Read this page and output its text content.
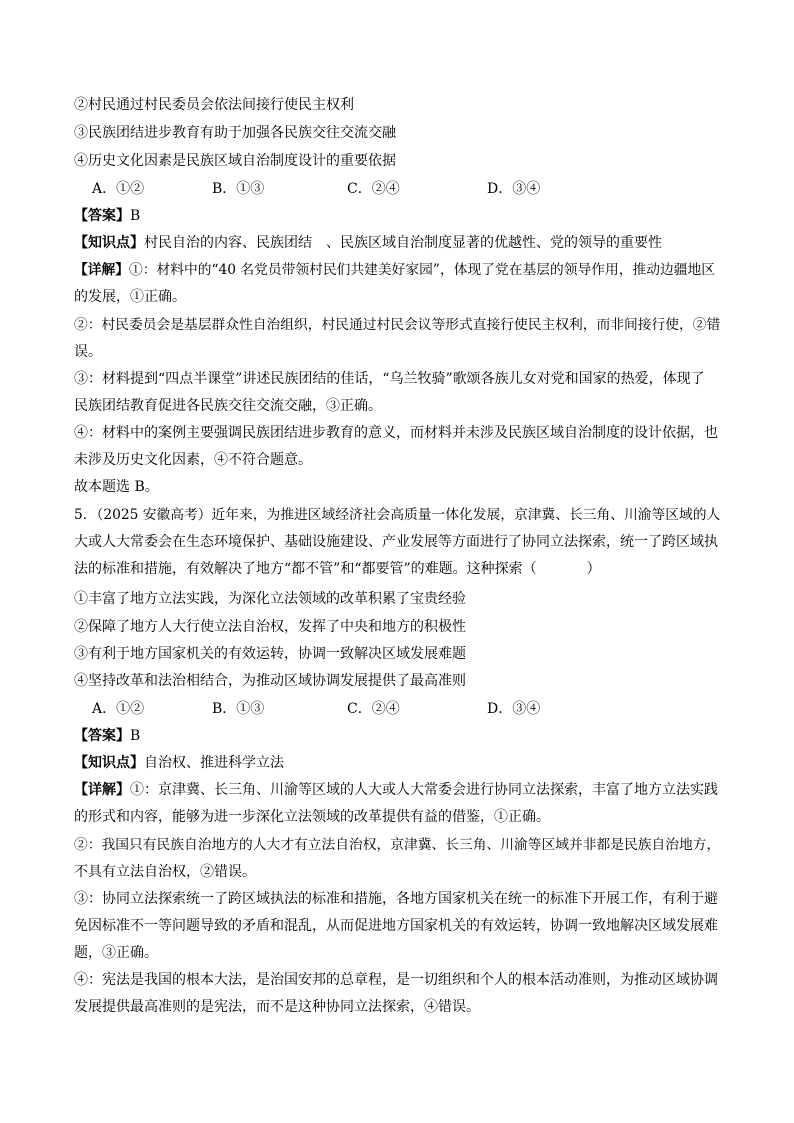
②村民通过村民委员会依法间接行使民主权利
③民族团结进步教育有助于加强各民族交往交流交融
④历史文化因素是民族区域自治制度设计的重要依据
A．①②	B．①③	C．②④	D．③④
【答案】B
【知识点】村民自治的内容、民族团结　、民族区域自治制度显著的优越性、党的领导的重要性
【详解】①：材料中的“40 名党员带领村民们共建美好家园”，体现了党在基层的领导作用，推动边疆地区
的发展，①正确。
②：村民委员会是基层群众性自治组织，村民通过村民会议等形式直接行使民主权利，而非间接行使，②错
误。
③：材料提到“四点半课堂”讲述民族团结的佳话，“乌兰牧骑”歌颂各族儿女对党和国家的热爱，体现了
民族团结教育促进各民族交往交流交融，③正确。
④：材料中的案例主要强调民族团结进步教育的意义，而材料并未涉及民族区域自治制度的设计依据，也
未涉及历史文化因素，④不符合题意。
故本题选 B。
5．（2025 安徽高考）近年来，为推进区域经济社会高质量一体化发展，京津冀、长三角、川渝等区域的人
大或人大常委会在生态环境保护、基础设施建设、产业发展等方面进行了协同立法探索，统一了跨区域执
法的标准和措施，有效解决了地方“都不管”和“都要管”的难题。这种探索（	）
①丰富了地方立法实践，为深化立法领域的改革积累了宝贵经验
②保障了地方人大行使立法自治权，发挥了中央和地方的积极性
③有利于地方国家机关的有效运转，协调一致解决区域发展难题
④坚持改革和法治相结合，为推动区域协调发展提供了最高准则
A．①②	B．①③	C．②④	D．③④
【答案】B
【知识点】自治权、推进科学立法
【详解】①：京津冀、长三角、川渝等区域的人大或人大常委会进行协同立法探索，丰富了地方立法实践
的形式和内容，能够为进一步深化立法领域的改革提供有益的借鉴，①正确。
②：我国只有民族自治地方的人大才有立法自治权，京津冀、长三角、川渝等区域并非都是民族自治地方，
不具有立法自治权，②错误。
③：协同立法探索统一了跨区域执法的标准和措施，各地方国家机关在统一的标准下开展工作，有利于避
免因标准不一等问题导致的矛盾和混乱，从而促进地方国家机关的有效运转，协调一致地解决区域发展难
题，③正确。
④：宪法是我国的根本大法，是治国安邦的总章程，是一切组织和个人的根本活动准则，为推动区域协调
发展提供最高准则的是宪法，而不是这种协同立法探索，④错误。
